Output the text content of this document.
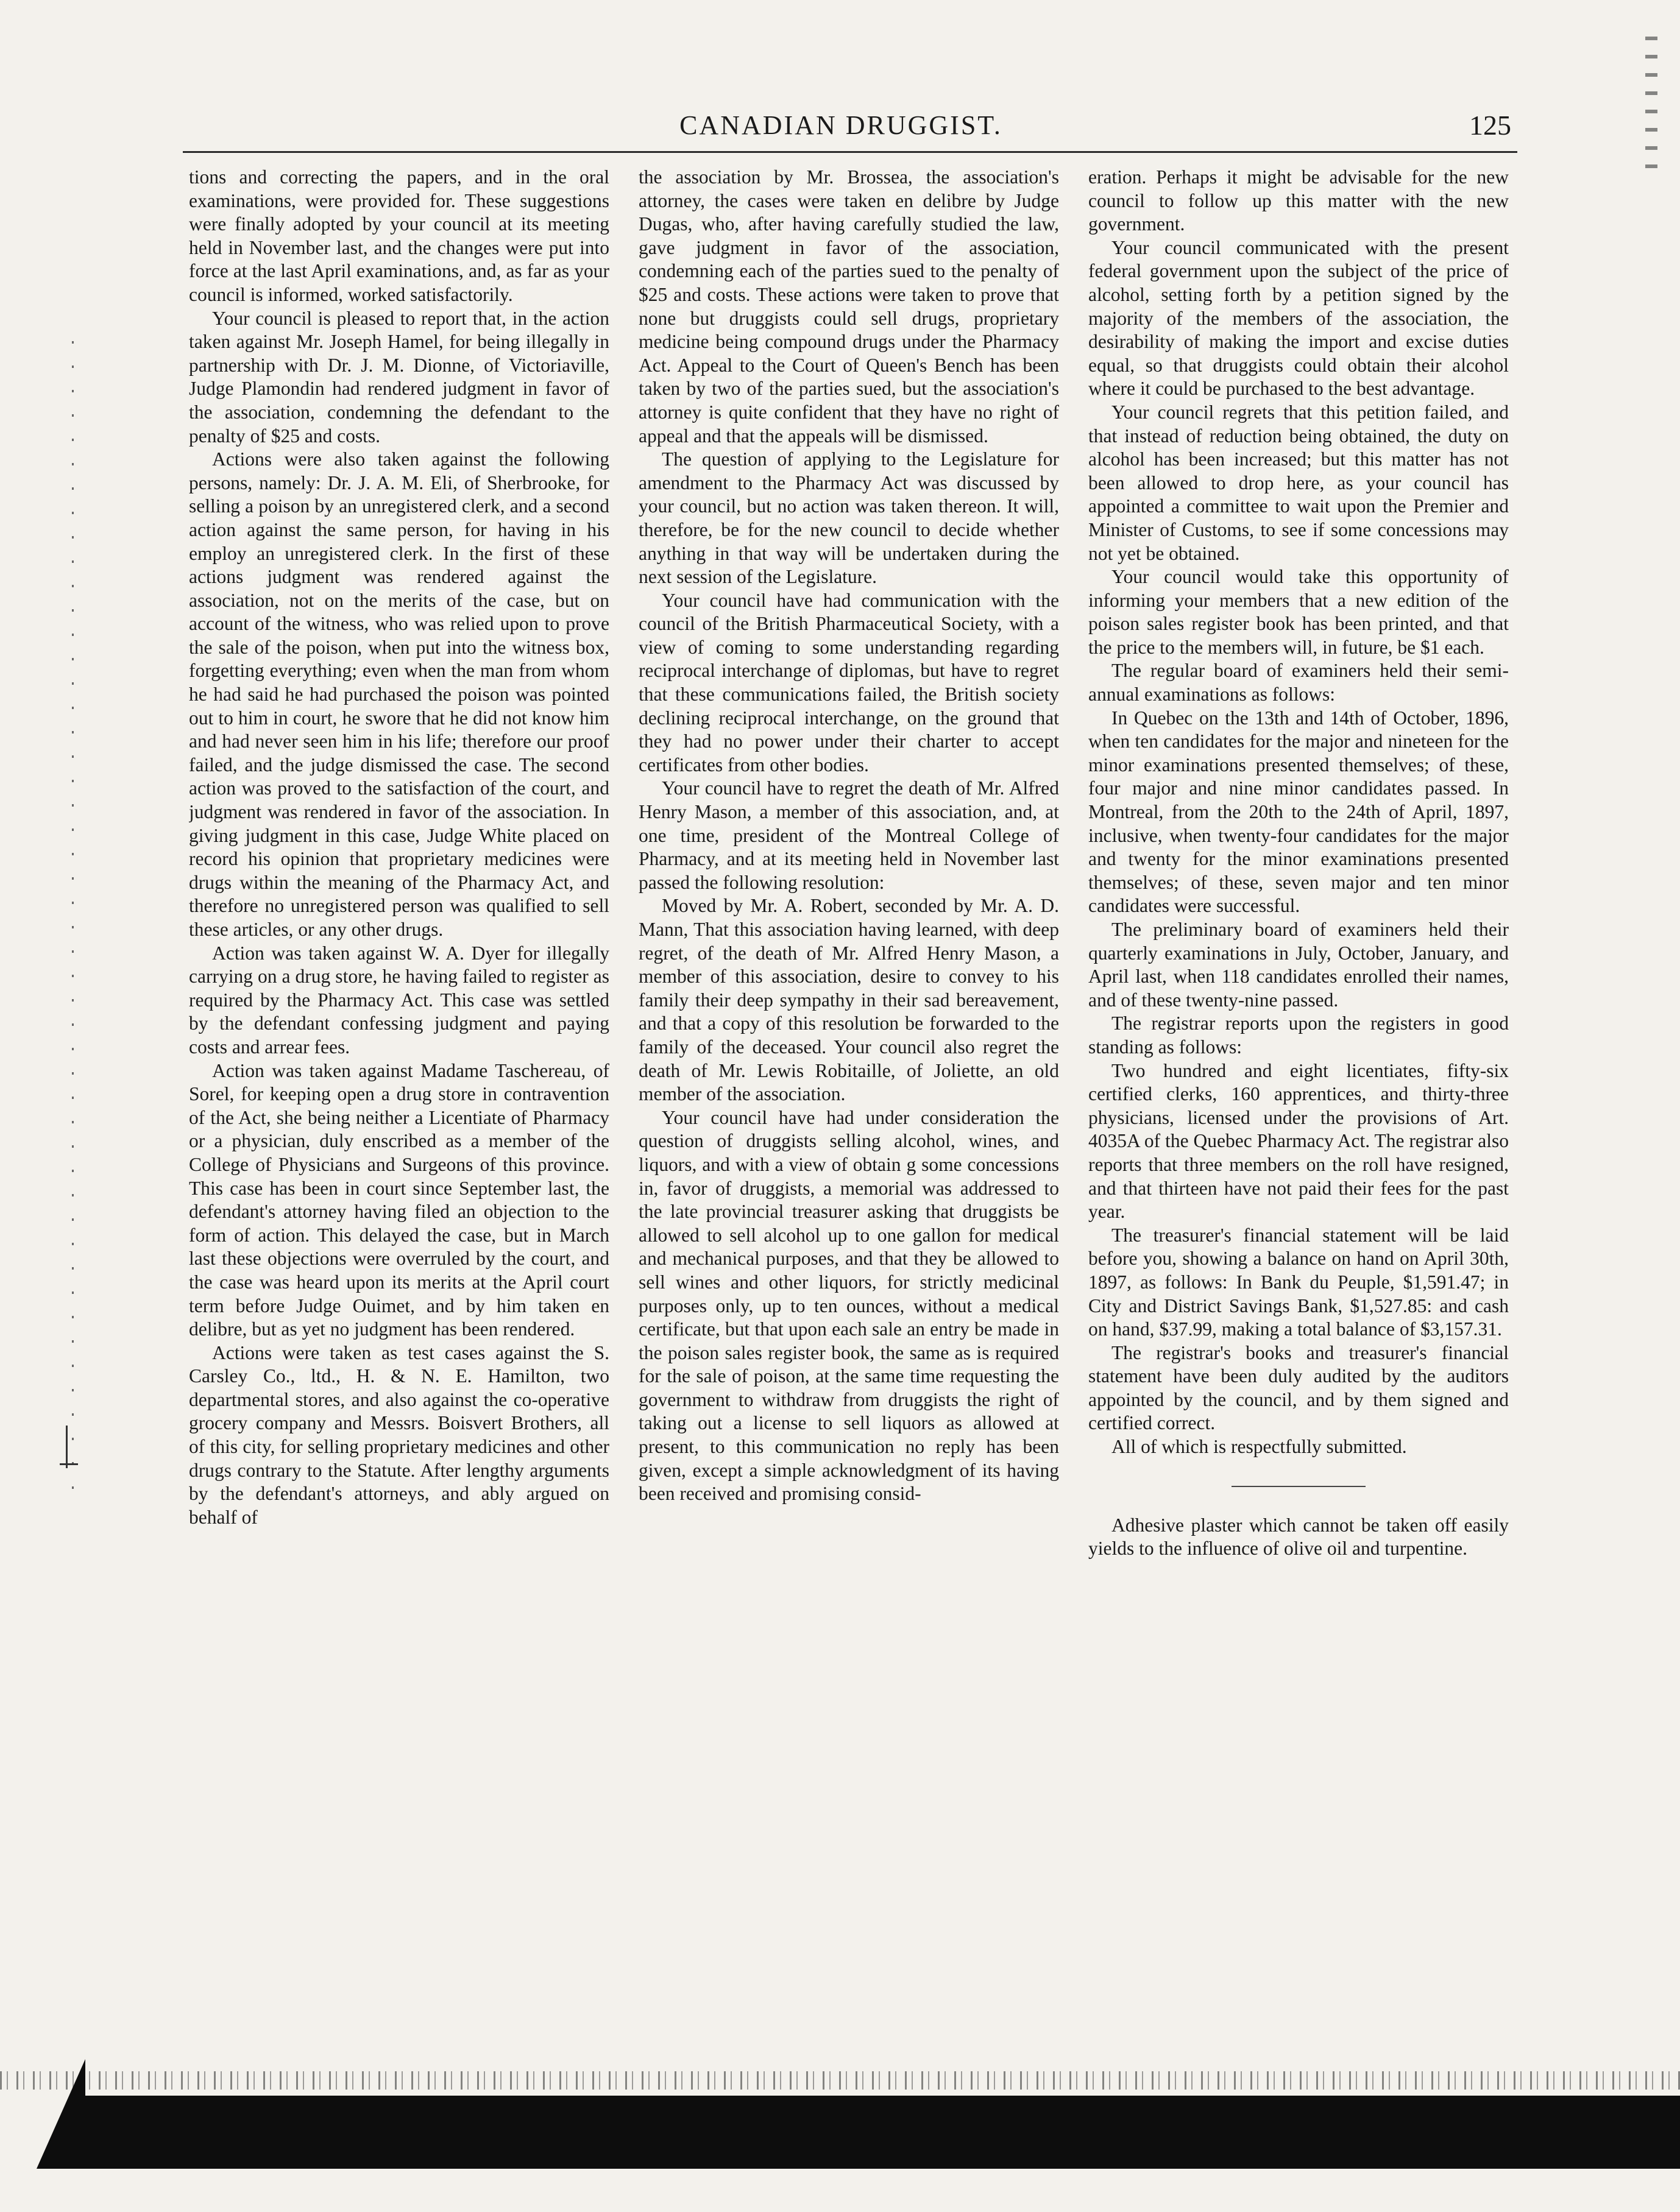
CANADIAN DRUGGIST.	125

tions and correcting the papers, and in the oral examinations, were provided for. These suggestions were finally adopted by your council at its meeting held in November last, and the changes were put into force at the last April examinations, and, as far as your council is informed, worked satisfactorily.

Your council is pleased to report that, in the action taken against Mr. Joseph Hamel, for being illegally in partnership with Dr. J. M. Dionne, of Victoriaville, Judge Plamondin had rendered judgment in favor of the association, condemning the defendant to the penalty of $25 and costs.

Actions were also taken against the following persons, namely: Dr. J. A. M. Eli, of Sherbrooke, for selling a poison by an unregistered clerk, and a second action against the same person, for having in his employ an unregistered clerk. In the first of these actions judgment was rendered against the association, not on the merits of the case, but on account of the witness, who was relied upon to prove the sale of the poison, when put into the witness box, forgetting everything; even when the man from whom he had said he had purchased the poison was pointed out to him in court, he swore that he did not know him and had never seen him in his life; therefore our proof failed, and the judge dismissed the case. The second action was proved to the satisfaction of the court, and judgment was rendered in favor of the association. In giving judgment in this case, Judge White placed on record his opinion that proprietary medicines were drugs within the meaning of the Pharmacy Act, and therefore no unregistered person was qualified to sell these articles, or any other drugs.

Action was taken against W. A. Dyer for illegally carrying on a drug store, he having failed to register as required by the Pharmacy Act. This case was settled by the defendant confessing judgment and paying costs and arrear fees.

Action was taken against Madame Taschereau, of Sorel, for keeping open a drug store in contravention of the Act, she being neither a Licentiate of Pharmacy or a physician, duly enscribed as a member of the College of Physicians and Surgeons of this province. This case has been in court since September last, the defendant's attorney having filed an objection to the form of action. This delayed the case, but in March last these objections were overruled by the court, and the case was heard upon its merits at the April court term before Judge Ouimet, and by him taken en delibre, but as yet no judgment has been rendered.

Actions were taken as test cases against the S. Carsley Co., ltd., H. & N. E. Hamilton, two departmental stores, and also against the co-operative grocery company and Messrs. Boisvert Brothers, all of this city, for selling proprietary medicines and other drugs contrary to the Statute. After lengthy arguments by the defendant's attorneys, and ably argued on behalf of

the association by Mr. Brossea, the association's attorney, the cases were taken en delibre by Judge Dugas, who, after having carefully studied the law, gave judgment in favor of the association, condemning each of the parties sued to the penalty of $25 and costs. These actions were taken to prove that none but druggists could sell drugs, proprietary medicine being compound drugs under the Pharmacy Act. Appeal to the Court of Queen's Bench has been taken by two of the parties sued, but the association's attorney is quite confident that they have no right of appeal and that the appeals will be dismissed.

The question of applying to the Legislature for amendment to the Pharmacy Act was discussed by your council, but no action was taken thereon. It will, therefore, be for the new council to decide whether anything in that way will be undertaken during the next session of the Legislature.

Your council have had communication with the council of the British Pharmaceutical Society, with a view of coming to some understanding regarding reciprocal interchange of diplomas, but have to regret that these communications failed, the British society declining reciprocal interchange, on the ground that they had no power under their charter to accept certificates from other bodies.

Your council have to regret the death of Mr. Alfred Henry Mason, a member of this association, and, at one time, president of the Montreal College of Pharmacy, and at its meeting held in November last passed the following resolution:

Moved by Mr. A. Robert, seconded by Mr. A. D. Mann, That this association having learned, with deep regret, of the death of Mr. Alfred Henry Mason, a member of this association, desire to convey to his family their deep sympathy in their sad bereavement, and that a copy of this resolution be forwarded to the family of the deceased. Your council also regret the death of Mr. Lewis Robitaille, of Joliette, an old member of the association.

Your council have had under consideration the question of druggists selling alcohol, wines, and liquors, and with a view of obtain g some concessions in, favor of druggists, a memorial was addressed to the late provincial treasurer asking that druggists be allowed to sell alcohol up to one gallon for medical and mechanical purposes, and that they be allowed to sell wines and other liquors, for strictly medicinal purposes only, up to ten ounces, without a medical certificate, but that upon each sale an entry be made in the poison sales register book, the same as is required for the sale of poison, at the same time requesting the government to withdraw from druggists the right of taking out a license to sell liquors as allowed at present, to this communication no reply has been given, except a simple acknowledgment of its having been received and promising consid-

eration. Perhaps it might be advisable for the new council to follow up this matter with the new government.

Your council communicated with the present federal government upon the subject of the price of alcohol, setting forth by a petition signed by the majority of the members of the association, the desirability of making the import and excise duties equal, so that druggists could obtain their alcohol where it could be purchased to the best advantage.

Your council regrets that this petition failed, and that instead of reduction being obtained, the duty on alcohol has been increased; but this matter has not been allowed to drop here, as your council has appointed a committee to wait upon the Premier and Minister of Customs, to see if some concessions may not yet be obtained.

Your council would take this opportunity of informing your members that a new edition of the poison sales register book has been printed, and that the price to the members will, in future, be $1 each.

The regular board of examiners held their semi-annual examinations as follows:

In Quebec on the 13th and 14th of October, 1896, when ten candidates for the major and nineteen for the minor examinations presented themselves; of these, four major and nine minor candidates passed. In Montreal, from the 20th to the 24th of April, 1897, inclusive, when twenty-four candidates for the major and twenty for the minor examinations presented themselves; of these, seven major and ten minor candidates were successful.

The preliminary board of examiners held their quarterly examinations in July, October, January, and April last, when 118 candidates enrolled their names, and of these twenty-nine passed.

The registrar reports upon the registers in good standing as follows:

Two hundred and eight licentiates, fifty-six certified clerks, 160 apprentices, and thirty-three physicians, licensed under the provisions of Art. 4035A of the Quebec Pharmacy Act. The registrar also reports that three members on the roll have resigned, and that thirteen have not paid their fees for the past year.

The treasurer's financial statement will be laid before you, showing a balance on hand on April 30th, 1897, as follows: In Bank du Peuple, $1,591.47; in City and District Savings Bank, $1,527.85: and cash on hand, $37.99, making a total balance of $3,157.31.

The registrar's books and treasurer's financial statement have been duly audited by the auditors appointed by the council, and by them signed and certified correct.

All of which is respectfully submitted.

Adhesive plaster which cannot be taken off easily yields to the influence of olive oil and turpentine.
